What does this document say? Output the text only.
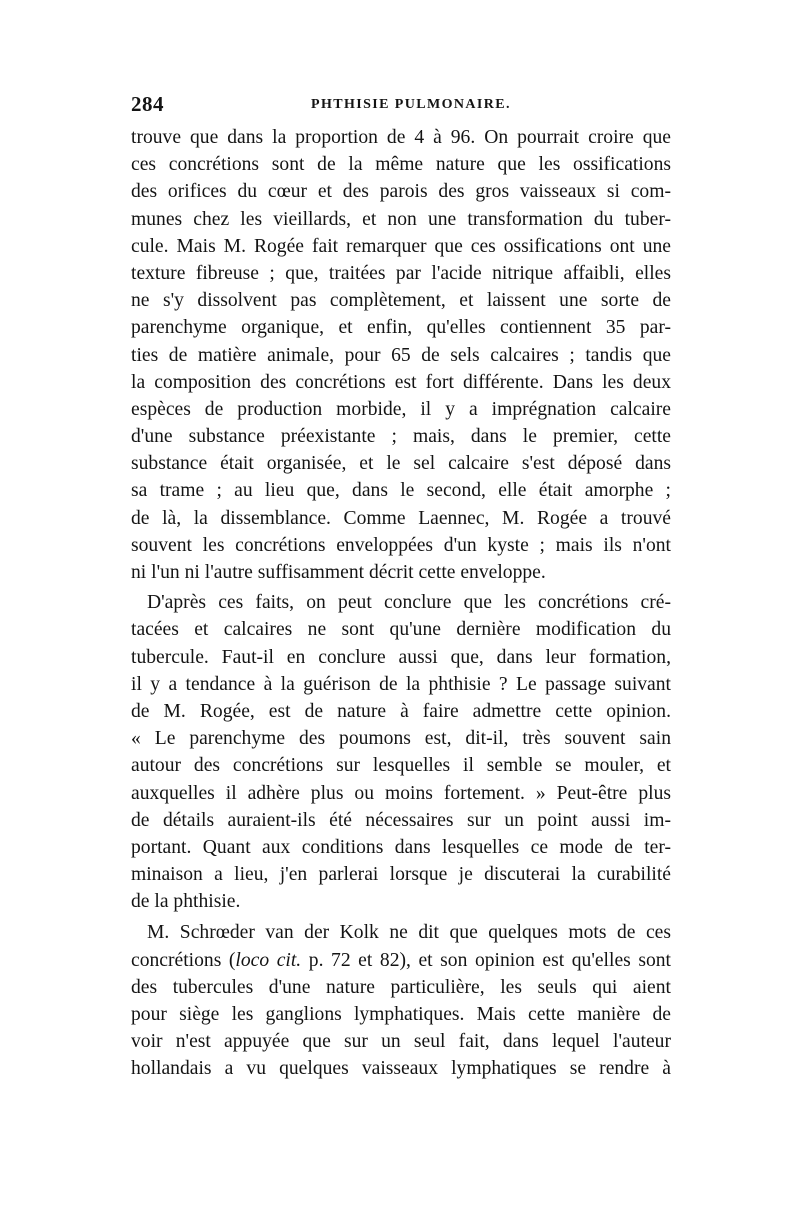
284	PHTHISIE PULMONAIRE.
trouve que dans la proportion de 4 à 96. On pourrait croire que
ces concrétions sont de la même nature que les ossifications
des orifices du cœur et des parois des gros vaisseaux si com-
munes chez les vieillards, et non une transformation du tuber-
cule. Mais M. Rogée fait remarquer que ces ossifications ont une
texture fibreuse ; que, traitées par l'acide nitrique affaibli, elles
ne s'y dissolvent pas complètement, et laissent une sorte de
parenchyme organique, et enfin, qu'elles contiennent 35 par-
ties de matière animale, pour 65 de sels calcaires ; tandis que
la composition des concrétions est fort différente. Dans les deux
espèces de production morbide, il y a imprégnation calcaire
d'une substance préexistante ; mais, dans le premier, cette
substance était organisée, et le sel calcaire s'est déposé dans
sa trame ; au lieu que, dans le second, elle était amorphe ;
de là, la dissemblance. Comme Laennec, M. Rogée a trouvé
souvent les concrétions enveloppées d'un kyste ; mais ils n'ont
ni l'un ni l'autre suffisamment décrit cette enveloppe.
D'après ces faits, on peut conclure que les concrétions cré-
tacées et calcaires ne sont qu'une dernière modification du
tubercule. Faut-il en conclure aussi que, dans leur formation,
il y a tendance à la guérison de la phthisie ? Le passage suivant
de M. Rogée, est de nature à faire admettre cette opinion.
« Le parenchyme des poumons est, dit-il, très souvent sain
autour des concrétions sur lesquelles il semble se mouler, et
auxquelles il adhère plus ou moins fortement. » Peut-être plus
de détails auraient-ils été nécessaires sur un point aussi im-
portant. Quant aux conditions dans lesquelles ce mode de ter-
minaison a lieu, j'en parlerai lorsque je discuterai la curabilité
de la phthisie.
M. Schrœder van der Kolk ne dit que quelques mots de ces
concrétions (loco cit. p. 72 et 82), et son opinion est qu'elles sont
des tubercules d'une nature particulière, les seuls qui aient
pour siège les ganglions lymphatiques. Mais cette manière de
voir n'est appuyée que sur un seul fait, dans lequel l'auteur
hollandais a vu quelques vaisseaux lymphatiques se rendre à
